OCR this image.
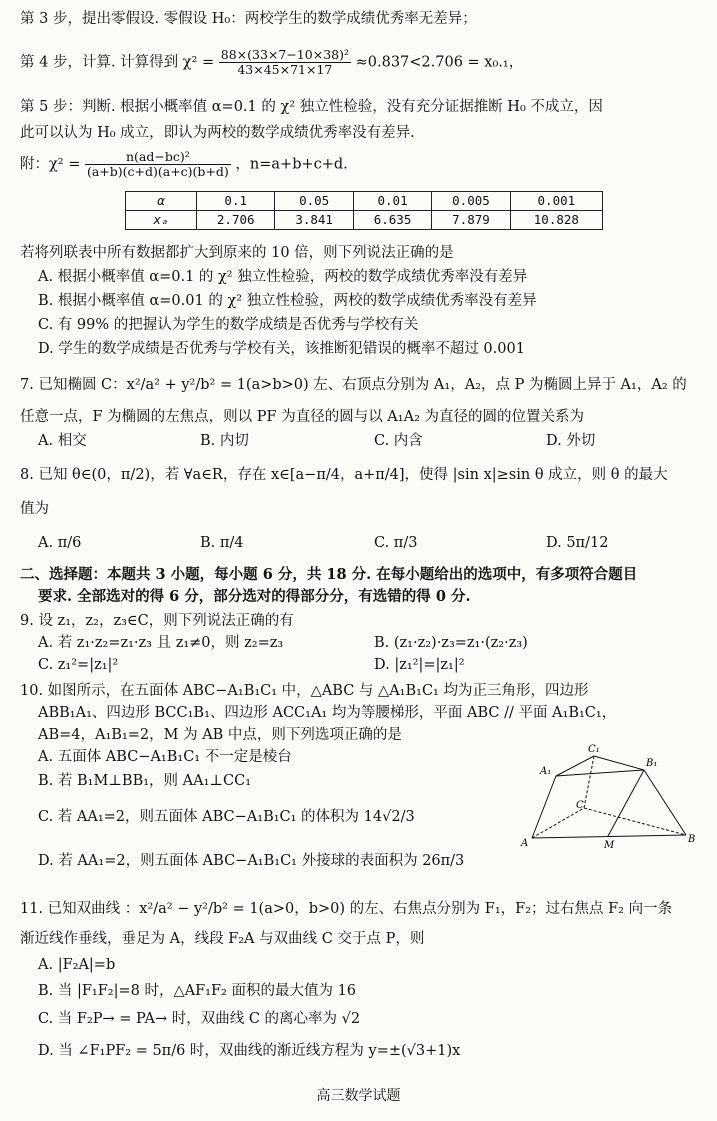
第 3 步，提出零假设. 零假设 H₀：两校学生的数学成绩优秀率无差异；
第 4 步，计算. 计算得到 $\chi^2 = \frac{\text{88×(33×7−10×38)²}}{43\times 45\times 71\times 17} \approx 0.837<2.706 = x_0._1$，
第 5 步：判断. 根据小概率值 α=0.1 的 χ² 独立性检验，没有充分证据推断 H₀ 不成立，因
此可以认为 H₀ 成立，即认为两校的数学成绩优秀率没有差异.
附：$\chi^2 = \frac{\text{n(ad−bc)²}}{(a+b)(c+d)(a+c)(b+d)}$ ，n=a+b+c+d.
α	0.1	0.05	0.01	0.005	0.001
xₐ	2.706	3.841	6.635	7.879	10.828
若将列联表中所有数据都扩大到原来的 10 倍，则下列说法正确的是
A. 根据小概率值 α=0.1 的 χ² 独立性检验，两校的数学成绩优秀率没有差异
B. 根据小概率值 α=0.01 的 χ² 独立性检验，两校的数学成绩优秀率没有差异
C. 有 99% 的把握认为学生的数学成绩是否优秀与学校有关
D. 学生的数学成绩是否优秀与学校有关，该推断犯错误的概率不超过 0.001
7. 已知椭圆 C：x²/a² + y²/b² = 1(a>b>0) 左、右顶点分别为 A₁，A₂，点 P 为椭圆上异于 A₁，A₂ 的
任意一点，F 为椭圆的左焦点，则以 PF 为直径的圆与以 A₁A₂ 为直径的圆的位置关系为
A. 相交	B. 内切	C. 内含	D. 外切
8. 已知 θ∈(0，π/2)，若 ∀a∈R，存在 x∈[a−π/4，a+π/4]，使得 |sin x|≥sin θ 成立，则 θ 的最大
值为
A. π/6	B. π/4	C. π/3	D. 5π/12
二、选择题：本题共 3 小题，每小题 6 分，共 18 分. 在每小题给出的选项中，有多项符合题目
要求. 全部选对的得 6 分，部分选对的得部分分，有选错的得 0 分.
9. 设 z₁，z₂，z₃∈C，则下列说法正确的有
A. 若 z₁·z₂=z₁·z₃ 且 z₁≠0，则 z₂=z₃	B. (z₁·z₂)·z₃=z₁·(z₂·z₃)
C. z₁²=|z₁|²	D. |z₁²|=|z₁|²
10. 如图所示，在五面体 ABC−A₁B₁C₁ 中，△ABC 与 △A₁B₁C₁ 均为正三角形，四边形
ABB₁A₁、四边形 BCC₁B₁、四边形 ACC₁A₁ 均为等腰梯形，平面 ABC // 平面 A₁B₁C₁，
AB=4，A₁B₁=2，M 为 AB 中点，则下列选项正确的是
A. 五面体 ABC−A₁B₁C₁ 不一定是棱台
B. 若 B₁M⊥BB₁，则 AA₁⊥CC₁
C. 若 AA₁=2，则五面体 ABC−A₁B₁C₁ 的体积为 14√2/3
D. 若 AA₁=2，则五面体 ABC−A₁B₁C₁ 外接球的表面积为 26π/3
A	B
C
M
A₁
B₁
C₁
11. 已知双曲线 ：x²/a² − y²/b² = 1(a>0，b>0) 的左、右焦点分别为 F₁，F₂；过右焦点 F₂ 向一条
渐近线作垂线，垂足为 A，线段 F₂A 与双曲线 C 交于点 P，则
A. |F₂A|=b
B. 当 |F₁F₂|=8 时，△AF₁F₂ 面积的最大值为 16
C. 当 F₂P→ = PA→ 时，双曲线 C 的离心率为 √2
D. 当 ∠F₁PF₂ = 5π/6 时，双曲线的渐近线方程为 y=±(√3+1)x
高三数学试题
